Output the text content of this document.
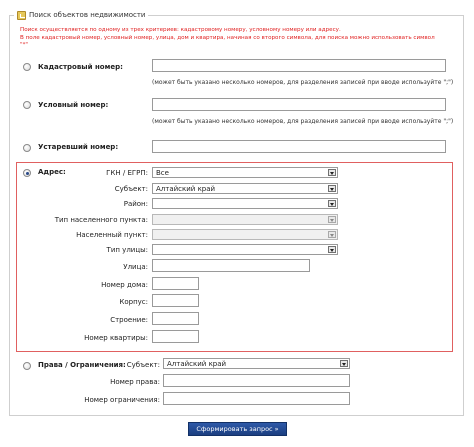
Поиск объектов недвижимости
Поиск осуществляется по одному из трех критериев: кадастровому номеру, условному номеру или адресу.
В поле кадастровый номер, условный номер, улица, дом и квартира, начиная со второго символа, для поиска можно использовать символ "*"
Кадастровый номер:
(может быть указано несколько номеров, для разделения записей при вводе используйте ";")
Условный номер:
(может быть указано несколько номеров, для разделения записей при вводе используйте ";")
Устаревший номер:
Адрес:	ГКН / ЕГРП:	Все
Субъект:	Алтайский край
Район:
Тип населенного пункта:
Населенный пункт:
Тип улицы:
Улица:
Номер дома:
Корпус:
Строение:
Номер квартиры:
Права / Ограничения: Субъект:	Алтайский край
Номер права:
Номер ограничения:
Сформировать запрос »
